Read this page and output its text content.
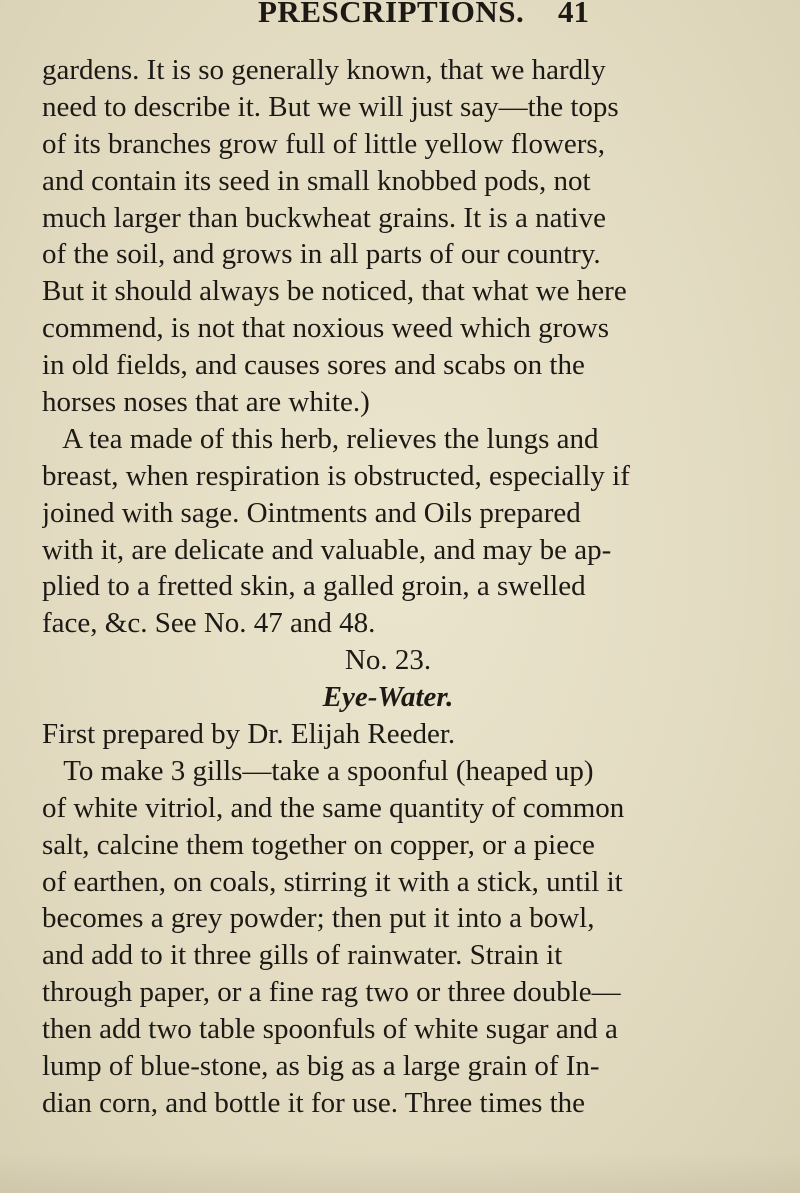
PRESCRIPTIONS. 41
gardens. It is so generally known, that we hardly
need to describe it. But we will just say—the tops
of its branches grow full of little yellow flowers,
and contain its seed in small knobbed pods, not
much larger than buckwheat grains. It is a native
of the soil, and grows in all parts of our country.
But it should always be noticed, that what we here
commend, is not that noxious weed which grows
in old fields, and causes sores and scabs on the
horses noses that are white.)
A tea made of this herb, relieves the lungs and
breast, when respiration is obstructed, especially if
joined with sage. Ointments and Oils prepared
with it, are delicate and valuable, and may be ap-
plied to a fretted skin, a galled groin, a swelled
face, &c. See No. 47 and 48.
No. 23.
Eye-Water.
First prepared by Dr. Elijah Reeder.
To make 3 gills—take a spoonful (heaped up)
of white vitriol, and the same quantity of common
salt, calcine them together on copper, or a piece
of earthen, on coals, stirring it with a stick, until it
becomes a grey powder; then put it into a bowl,
and add to it three gills of rainwater. Strain it
through paper, or a fine rag two or three double—
then add two table spoonfuls of white sugar and a
lump of blue-stone, as big as a large grain of In-
dian corn, and bottle it for use. Three times the
